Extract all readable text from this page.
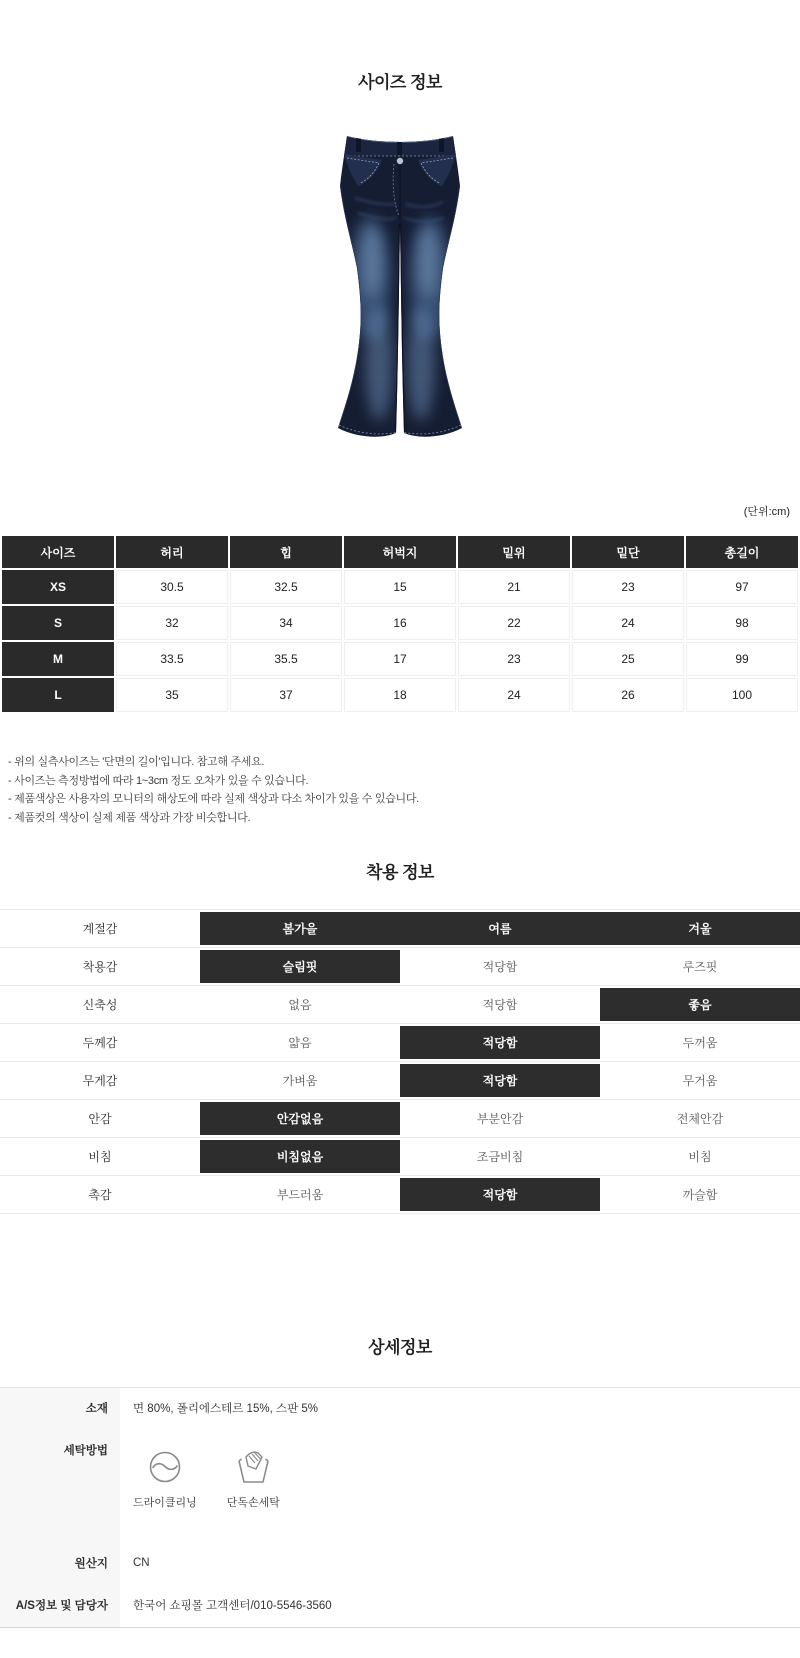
사이즈 정보
(단위:cm)
사이즈	허리	힙	허벅지	밑위	밑단	총길이
XS	30.5	32.5	15	21	23	97
S	32	34	16	22	24	98
M	33.5	35.5	17	23	25	99
L	35	37	18	24	26	100
- 위의 실측사이즈는 '단면의 길이'입니다. 참고해 주세요.
- 사이즈는 측정방법에 따라 1~3cm 정도 오차가 있을 수 있습니다.
- 제품색상은 사용자의 모니터의 해상도에 따라 실제 색상과 다소 차이가 있을 수 있습니다.
- 제품컷의 색상이 실제 제품 색상과 가장 비슷합니다.
착용 정보
계절감	봄가을	여름	겨울
착용감	슬림핏	적당함	루즈핏
신축성	없음	적당함	좋음
두께감	얇음	적당함	두꺼움
무게감	가벼움	적당함	무거움
안감	안감없음	부분안감	전체안감
비침	비침없음	조금비침	비침
촉감	부드러움	적당함	까슬함
상세정보
소재	면 80%, 폴리에스테르 15%, 스판 5%
세탁방법
드라이클리닝	단독손세탁
원산지	CN
A/S정보 및 담당자	한국어 쇼핑몰 고객센터/010-5546-3560
